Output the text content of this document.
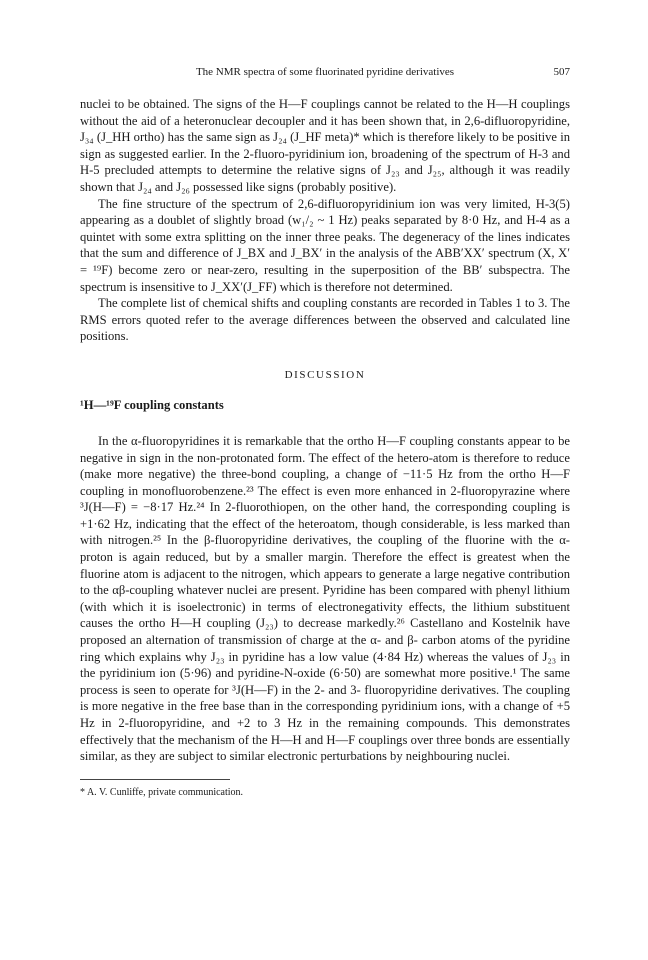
The NMR spectra of some fluorinated pyridine derivatives	507

nuclei to be obtained. The signs of the H—F couplings cannot be related to the H—H couplings without the aid of a heteronuclear decoupler and it has been shown that, in 2,6-difluoropyridine, J₃₄ (J_HH ortho) has the same sign as J₂₄ (J_HF meta)* which is therefore likely to be positive in sign as suggested earlier. In the 2-fluoro-pyridinium ion, broadening of the spectrum of H-3 and H-5 precluded attempts to determine the relative signs of J₂₃ and J₂₅, although it was readily shown that J₂₄ and J₂₆ possessed like signs (probably positive).

The fine structure of the spectrum of 2,6-difluoropyridinium ion was very limited, H-3(5) appearing as a doublet of slightly broad (w₁/₂ ~ 1 Hz) peaks separated by 8·0 Hz, and H-4 as a quintet with some extra splitting on the inner three peaks. The degeneracy of the lines indicates that the sum and difference of J_BX and J_BX′ in the analysis of the ABB′XX′ spectrum (X, X′ = ¹⁹F) become zero or near-zero, resulting in the superposition of the BB′ subspectra. The spectrum is insensitive to J_XX′(J_FF) which is therefore not determined.

The complete list of chemical shifts and coupling constants are recorded in Tables 1 to 3. The RMS errors quoted refer to the average differences between the observed and calculated line positions.

DISCUSSION
¹H—¹⁹F coupling constants

In the α-fluoropyridines it is remarkable that the ortho H—F coupling constants appear to be negative in sign in the non-protonated form. The effect of the hetero-atom is therefore to reduce (make more negative) the three-bond coupling, a change of −11·5 Hz from the ortho H—F coupling in monofluorobenzene.²³ The effect is even more enhanced in 2-fluoropyrazine where ³J(H—F) = −8·17 Hz.²⁴ In 2-fluorothiopen, on the other hand, the corresponding coupling is +1·62 Hz, indicating that the effect of the heteroatom, though considerable, is less marked than with nitrogen.²⁵ In the β-fluoropyridine derivatives, the coupling of the fluorine with the α-proton is again reduced, but by a smaller margin. Therefore the effect is greatest when the fluorine atom is adjacent to the nitrogen, which appears to generate a large negative contribution to the αβ-coupling whatever nuclei are present. Pyridine has been compared with phenyl lithium (with which it is isoelectronic) in terms of electronegativity effects, the lithium substituent causes the ortho H—H coupling (J₂₃) to decrease markedly.²⁶ Castellano and Kostelnik have proposed an alternation of transmission of charge at the α- and β- carbon atoms of the pyridine ring which explains why J₂₃ in pyridine has a low value (4·84 Hz) whereas the values of J₂₃ in the pyridinium ion (5·96) and pyridine-N-oxide (6·50) are somewhat more positive.¹ The same process is seen to operate for ³J(H—F) in the 2- and 3- fluoropyridine derivatives. The coupling is more negative in the free base than in the corresponding pyridinium ions, with a change of +5 Hz in 2-fluoropyridine, and +2 to 3 Hz in the remaining compounds. This demonstrates effectively that the mechanism of the H—H and H—F couplings over three bonds are essentially similar, as they are subject to similar electronic perturbations by neighbouring nuclei.

* A. V. Cunliffe, private communication.
